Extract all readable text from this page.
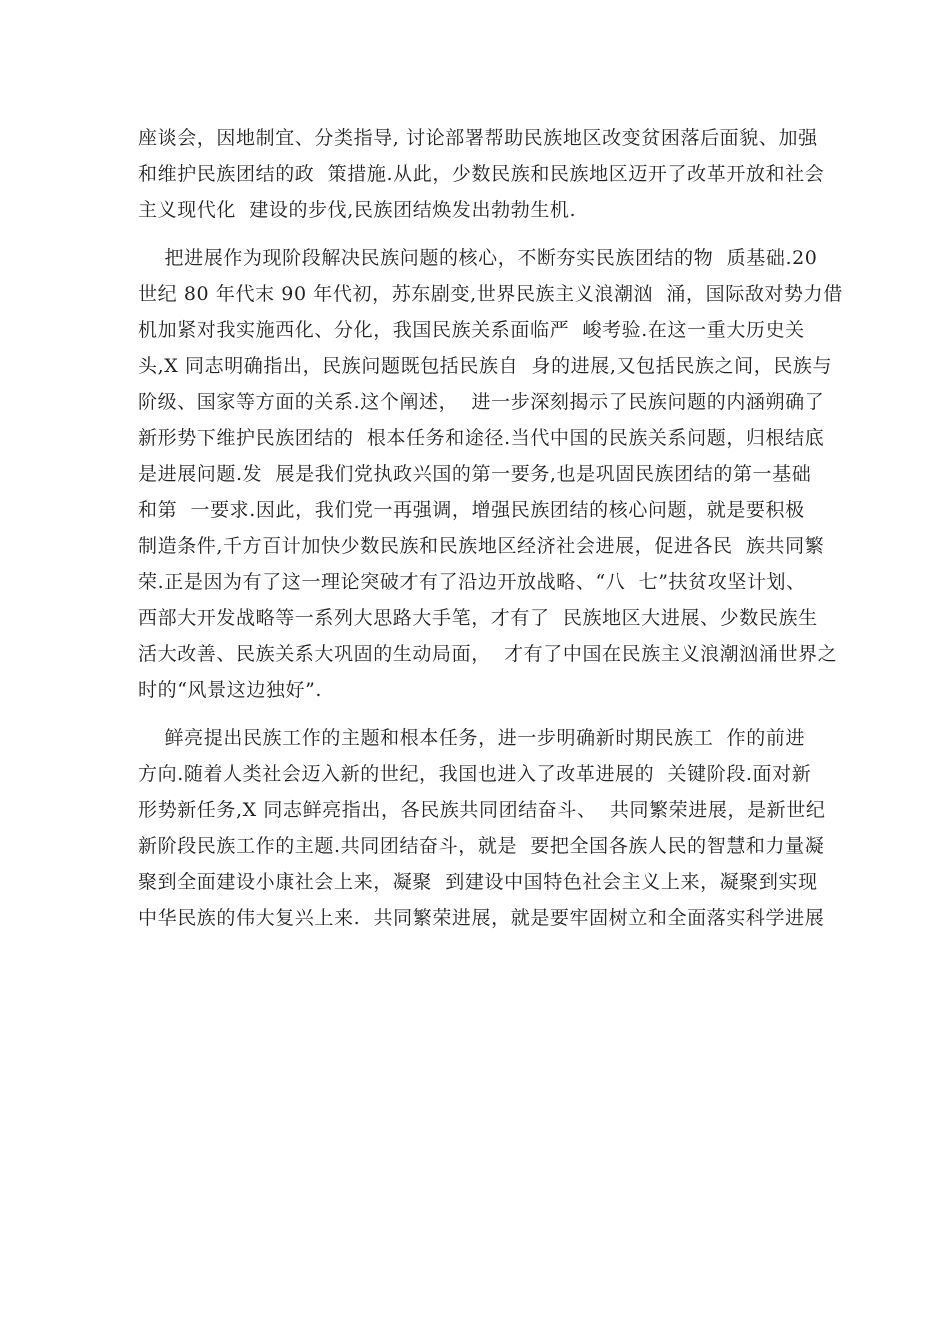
座谈会，因地制宜、分类指导, 讨论部署帮助民族地区改变贫困落后面貌、加强
和维护民族团结的政  策措施.从此，少数民族和民族地区迈开了改革开放和社会
主义现代化  建设的步伐,民族团结焕发出勃勃生机.
把进展作为现阶段解决民族问题的核心，不断夯实民族团结的物  质基础.20
世纪 80 年代末 90 年代初，苏东剧变,世界民族主义浪潮汹  涌，国际敌对势力借
机加紧对我实施西化、分化，我国民族关系面临严  峻考验.在这一重大历史关
头,X 同志明确指出，民族问题既包括民族自  身的进展,又包括民族之间，民族与
阶级、国家等方面的关系.这个阐述，  进一步深刻揭示了民族问题的内涵朔确了
新形势下维护民族团结的  根本任务和途径.当代中国的民族关系问题，归根结底
是进展问题.发  展是我们党执政兴国的第一要务,也是巩固民族团结的第一基础
和第  一要求.因此，我们党一再强调，增强民族团结的核心问题，就是要积极
制造条件,千方百计加快少数民族和民族地区经济社会进展，促进各民  族共同繁
荣.正是因为有了这一理论突破才有了沿边开放战略、“八  七”扶贫攻坚计划、
西部大开发战略等一系列大思路大手笔，才有了  民族地区大进展、少数民族生
活大改善、民族关系大巩固的生动局面，  才有了中国在民族主义浪潮汹涌世界之
时的“风景这边独好”.
鲜亮提出民族工作的主题和根本任务，进一步明确新时期民族工  作的前进
方向.随着人类社会迈入新的世纪，我国也进入了改革进展的  关键阶段.面对新
形势新任务,X 同志鲜亮指出，各民族共同团结奋斗、  共同繁荣进展，是新世纪
新阶段民族工作的主题.共同团结奋斗，就是  要把全国各族人民的智慧和力量凝
聚到全面建设小康社会上来，凝聚  到建设中国特色社会主义上来，凝聚到实现
中华民族的伟大复兴上来.  共同繁荣进展，就是要牢固树立和全面落实科学进展
